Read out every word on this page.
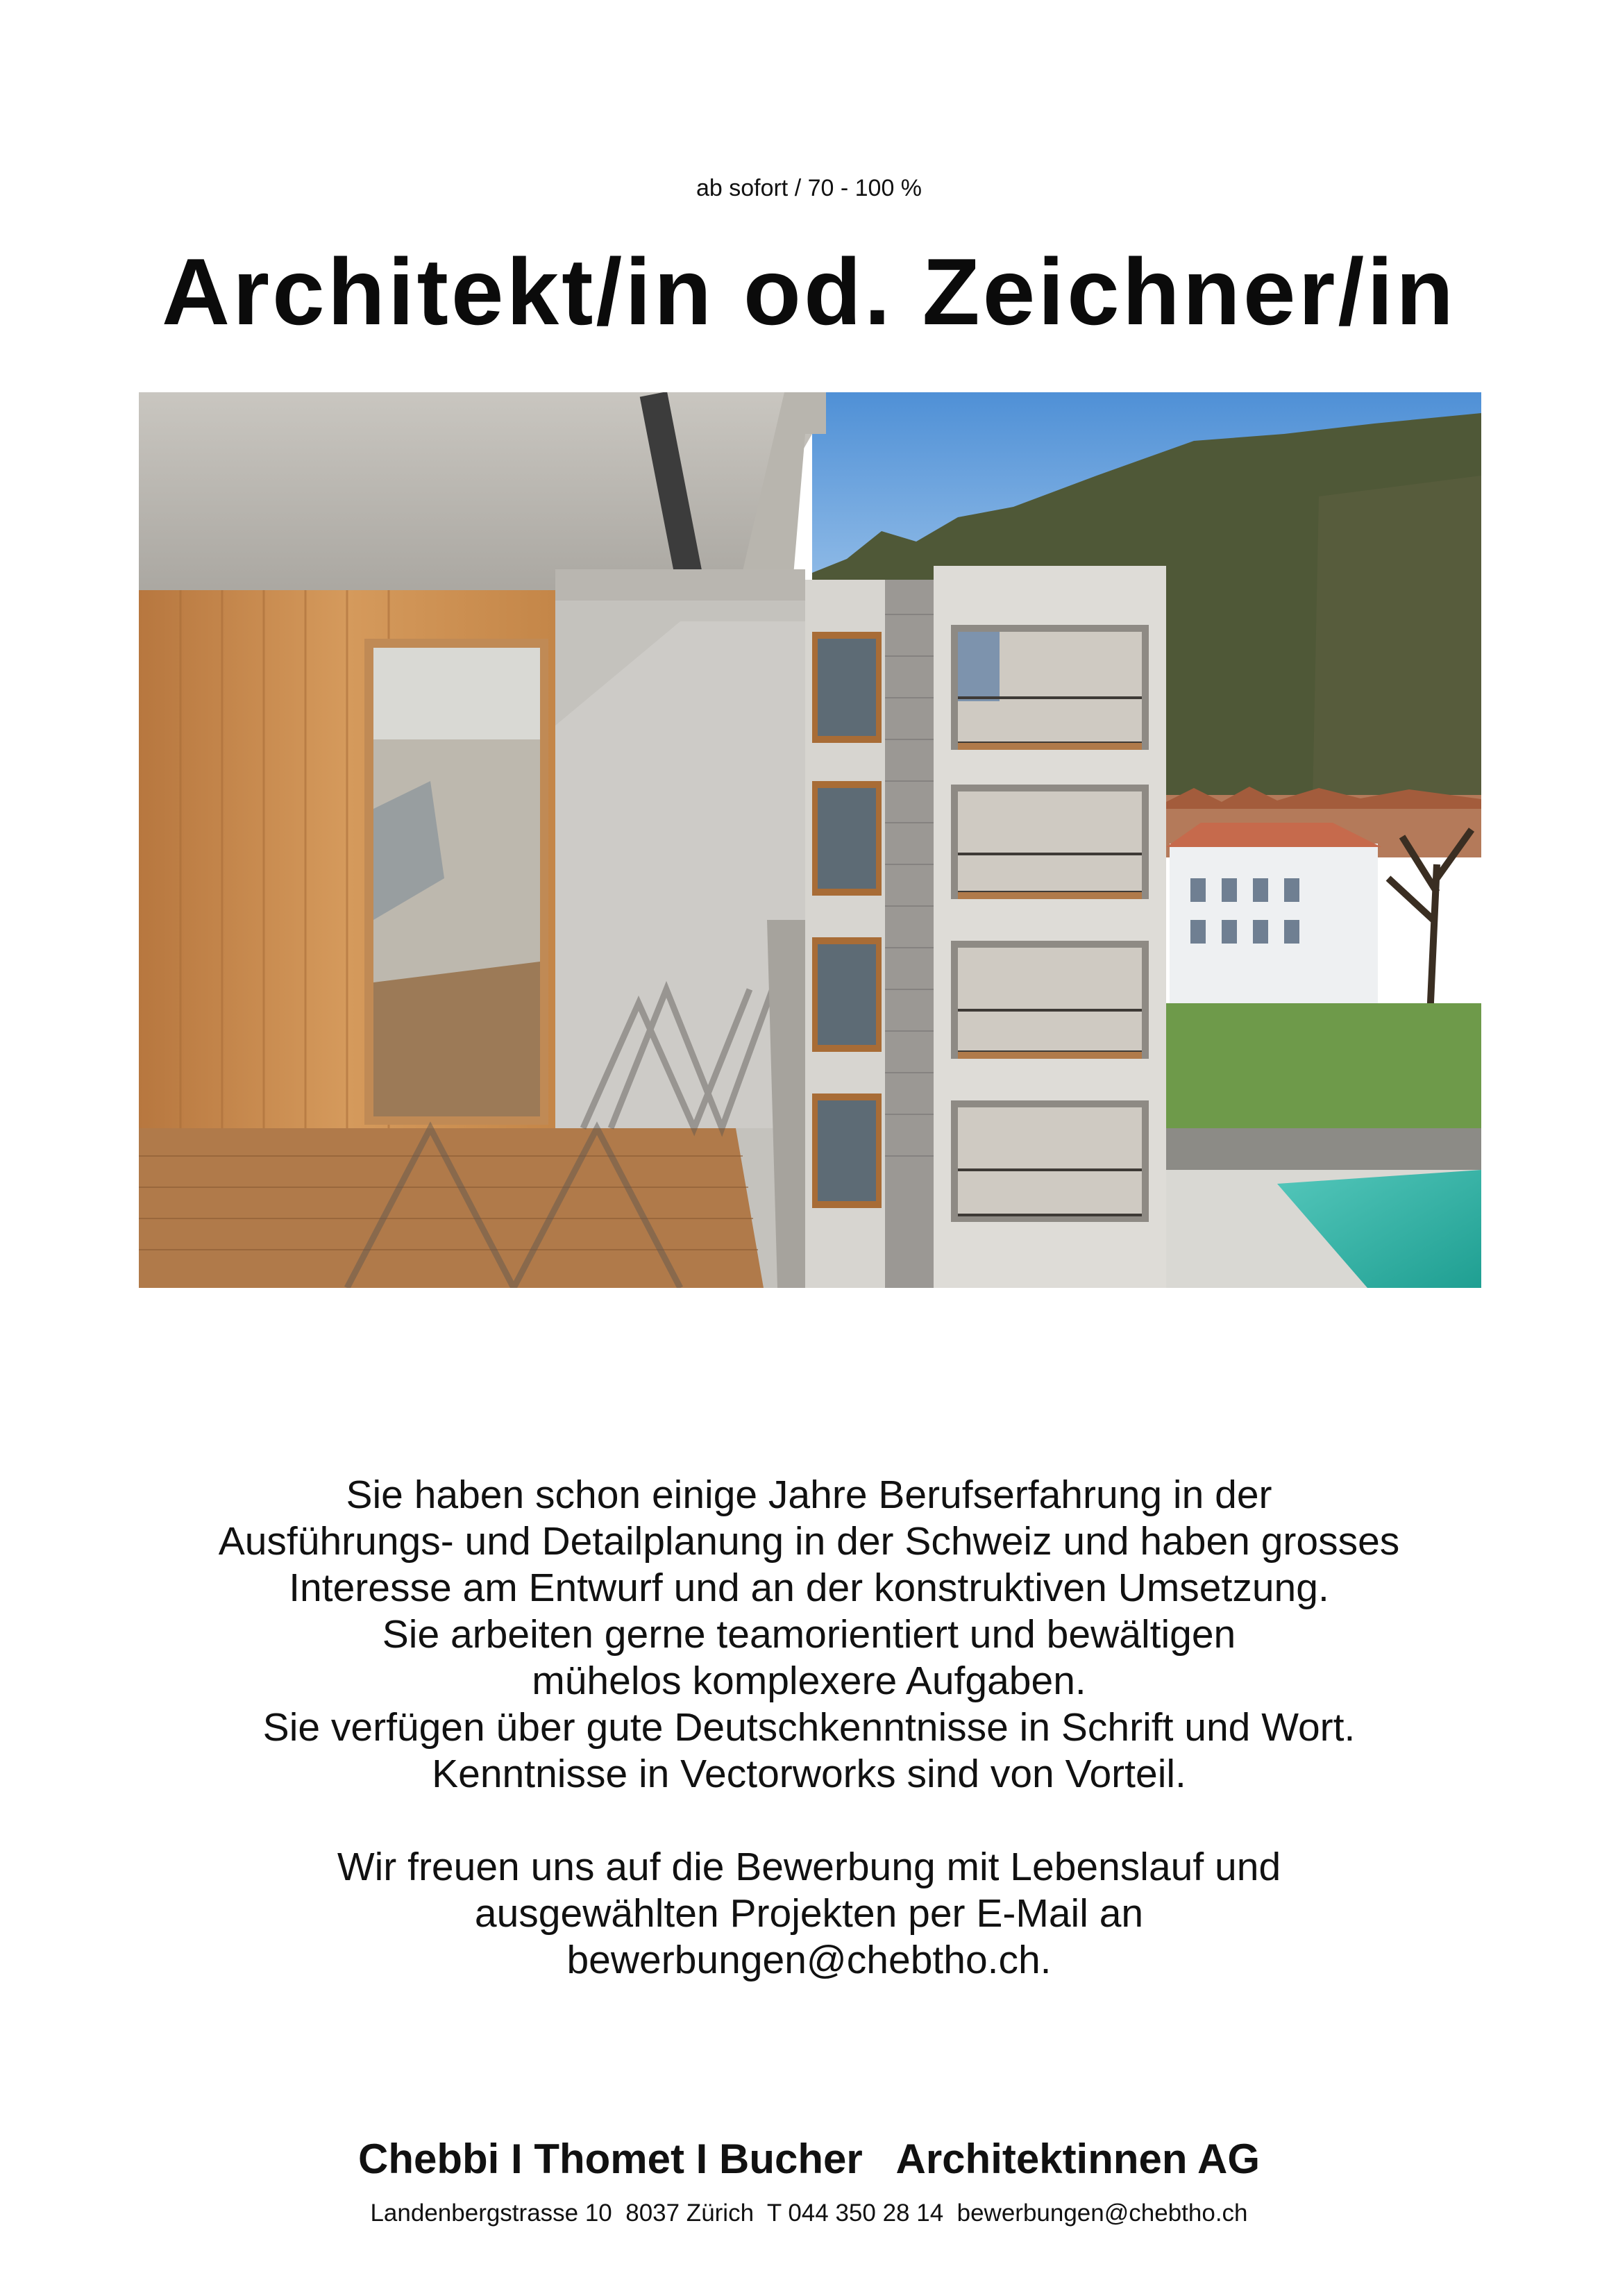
ab sofort / 70 - 100 %
Architekt/in od. Zeichner/in
Sie haben schon einige Jahre Berufserfahrung in der
Ausführungs- und Detailplanung in der Schweiz und haben grosses
Interesse am Entwurf und an der konstruktiven Umsetzung.
Sie arbeiten gerne teamorientiert und bewältigen
mühelos komplexere Aufgaben.
Sie verfügen über gute Deutschkenntnisse in Schrift und Wort.
Kenntnisse in Vectorworks sind von Vorteil.
Wir freuen uns auf die Bewerbung mit Lebenslauf und
ausgewählten Projekten per E-Mail an
bewerbungen@chebtho.ch.
Chebbi I Thomet I Bucher   Architektinnen AG
Landenbergstrasse 10  8037 Zürich  T 044 350 28 14  bewerbungen@chebtho.ch
